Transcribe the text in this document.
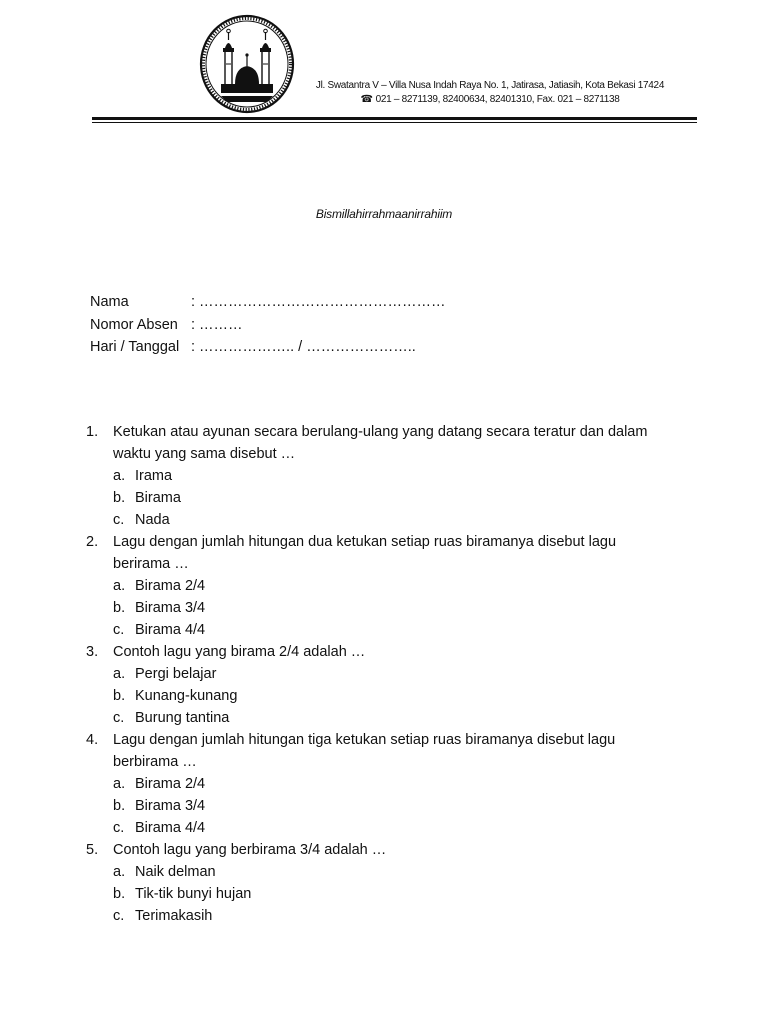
Jl. Swatantra V – Villa Nusa Indah Raya No. 1, Jatirasa, Jatiasih, Kota Bekasi 17424
☎ 021 – 8271139, 82400634, 82401310, Fax. 021 – 8271138
Bismillahirrahmaanirrahiim
Nama	: ……………………………………………
Nomor Absen : ………
Hari / Tanggal : ……………….. / …………………..
1.	Ketukan atau ayunan secara berulang-ulang yang datang secara teratur dan dalam waktu yang sama disebut …
a. Irama
b. Birama
c. Nada
2.	Lagu dengan jumlah hitungan dua ketukan setiap ruas biramanya disebut lagu berirama …
a. Birama 2/4
b. Birama 3/4
c. Birama 4/4
3.	Contoh lagu yang birama 2/4 adalah …
a. Pergi belajar
b. Kunang-kunang
c. Burung tantina
4.	Lagu dengan jumlah hitungan tiga ketukan setiap ruas biramanya disebut lagu berbirama …
a. Birama 2/4
b. Birama 3/4
c. Birama 4/4
5.	Contoh lagu yang berbirama 3/4 adalah …
a. Naik delman
b. Tik-tik bunyi hujan
c. Terimakasih
